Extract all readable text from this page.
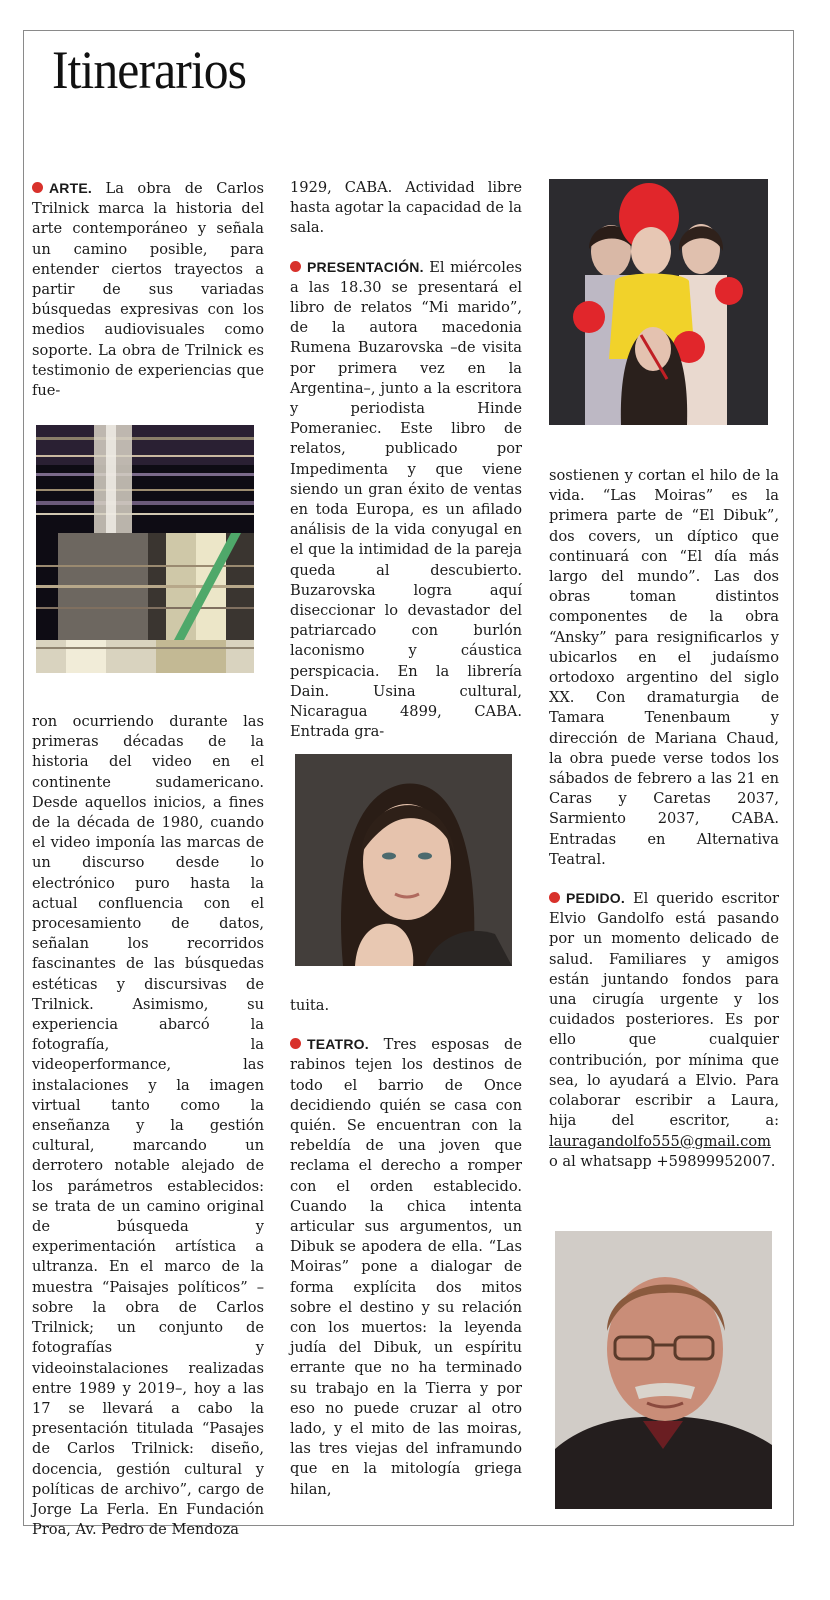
Itinerarios

ARTE. La obra de Carlos Trilnick marca la historia del arte contemporáneo y señala un camino posible, para entender ciertos trayectos a partir de sus variadas búsquedas expresivas con los medios audiovisuales como soporte. La obra de Trilnick es testimonio de experiencias que fue-

ron ocurriendo durante las primeras décadas de la historia del video en el continente sudamericano. Desde aquellos inicios, a fines de la década de 1980, cuando el video imponía las marcas de un discurso desde lo electrónico puro hasta la actual confluencia con el procesamiento de datos, señalan los recorridos fascinantes de las búsquedas estéticas y discursivas de Trilnick. Asimismo, su experiencia abarcó la fotografía, la videoperformance, las instalaciones y la imagen virtual tanto como la enseñanza y la gestión cultural, marcando un derrotero notable alejado de los parámetros establecidos: se trata de un camino original de búsqueda y experimentación artística a ultranza. En el marco de la muestra “Paisajes políticos” –sobre la obra de Carlos Trilnick; un conjunto de fotografías y videoinstalaciones realizadas entre 1989 y 2019–, hoy a las 17 se llevará a cabo la presentación titulada “Pasajes de Carlos Trilnick: diseño, docencia, gestión cultural y políticas de archivo”, cargo de Jorge La Ferla. En Fundación Proa, Av. Pedro de Mendoza

1929, CABA. Actividad libre hasta agotar la capacidad de la sala.

PRESENTACIÓN. El miércoles a las 18.30 se presentará el libro de relatos “Mi marido”, de la autora macedonia Rumena Buzarovska –de visita por primera vez en la Argentina–, junto a la escritora y periodista Hinde Pomeraniec. Este libro de relatos, publicado por Impedimenta y que viene siendo un gran éxito de ventas en toda Europa, es un afilado análisis de la vida conyugal en el que la intimidad de la pareja queda al descubierto. Buzarovska logra aquí diseccionar lo devastador del patriarcado con burlón laconismo y cáustica perspicacia. En la librería Dain. Usina cultural, Nicaragua 4899, CABA. Entrada gra-

tuita.

TEATRO. Tres esposas de rabinos tejen los destinos de todo el barrio de Once decidiendo quién se casa con quién. Se encuentran con la rebeldía de una joven que reclama el derecho a romper con el orden establecido. Cuando la chica intenta articular sus argumentos, un Dibuk se apodera de ella. “Las Moiras” pone a dialogar de forma explícita dos mitos sobre el destino y su relación con los muertos: la leyenda judía del Dibuk, un espíritu errante que no ha terminado su trabajo en la Tierra y por eso no puede cruzar al otro lado, y el mito de las moiras, las tres viejas del inframundo que en la mitología griega hilan,

sostienen y cortan el hilo de la vida. “Las Moiras” es la primera parte de “El Dibuk”, dos covers, un díptico que continuará con “El día más largo del mundo”. Las dos obras toman distintos componentes de la obra “Ansky” para resignificarlos y ubicarlos en el judaísmo ortodoxo argentino del siglo XX. Con dramaturgia de Tamara Tenenbaum y dirección de Mariana Chaud, la obra puede verse todos los sábados de febrero a las 21 en Caras y Caretas 2037, Sarmiento 2037, CABA. Entradas en Alternativa Teatral.

PEDIDO. El querido escritor Elvio Gandolfo está pasando por un momento delicado de salud. Familiares y amigos están juntando fondos para una cirugía urgente y los cuidados posteriores. Es por ello que cualquier contribución, por mínima que sea, lo ayudará a Elvio. Para colaborar escribir a Laura, hija del escritor, a: lauragandolfo555@gmail.com o al whatsapp +59899952007.
